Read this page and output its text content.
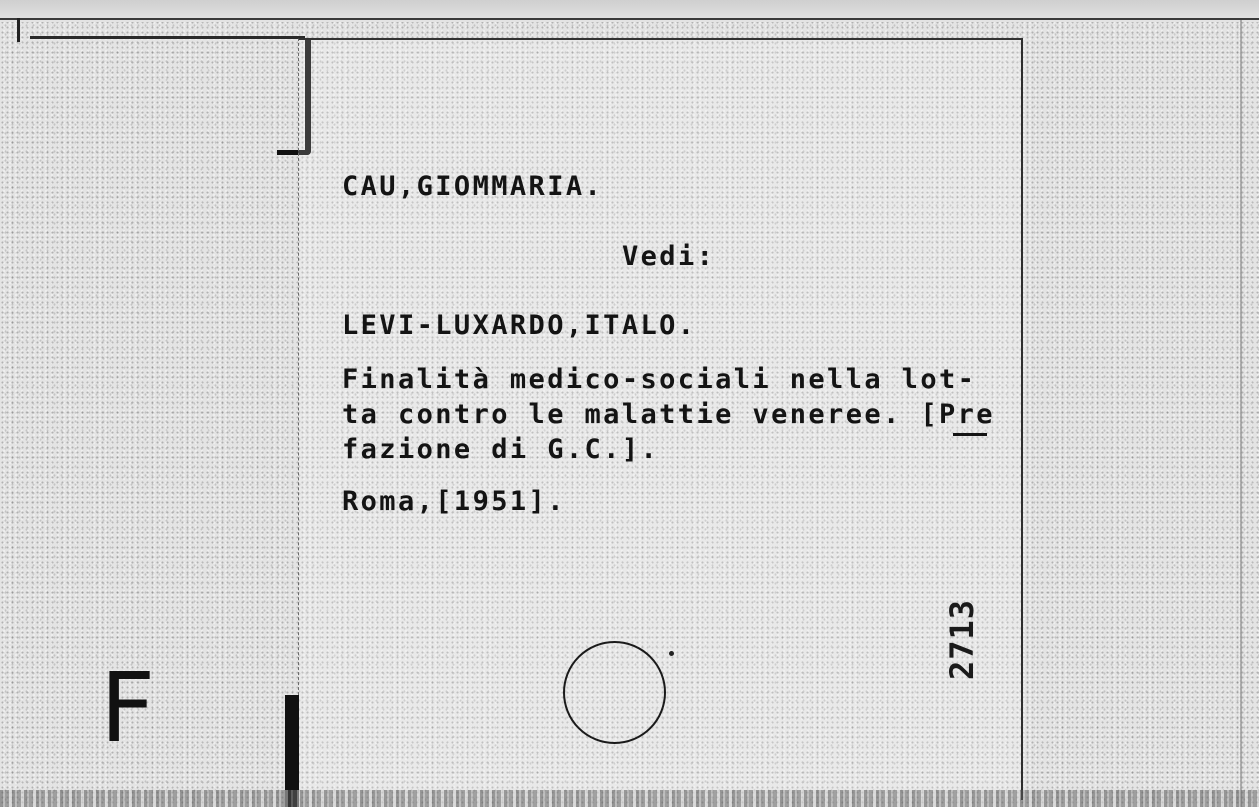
CAU,GIOMMARIA.

Vedi:

LEVI-LUXARDO,ITALO.

Finalità medico-sociali nella lot-

ta contro le malattie veneree. [Pre

fazione di G.C.].

Roma,[1951].

2713
F
